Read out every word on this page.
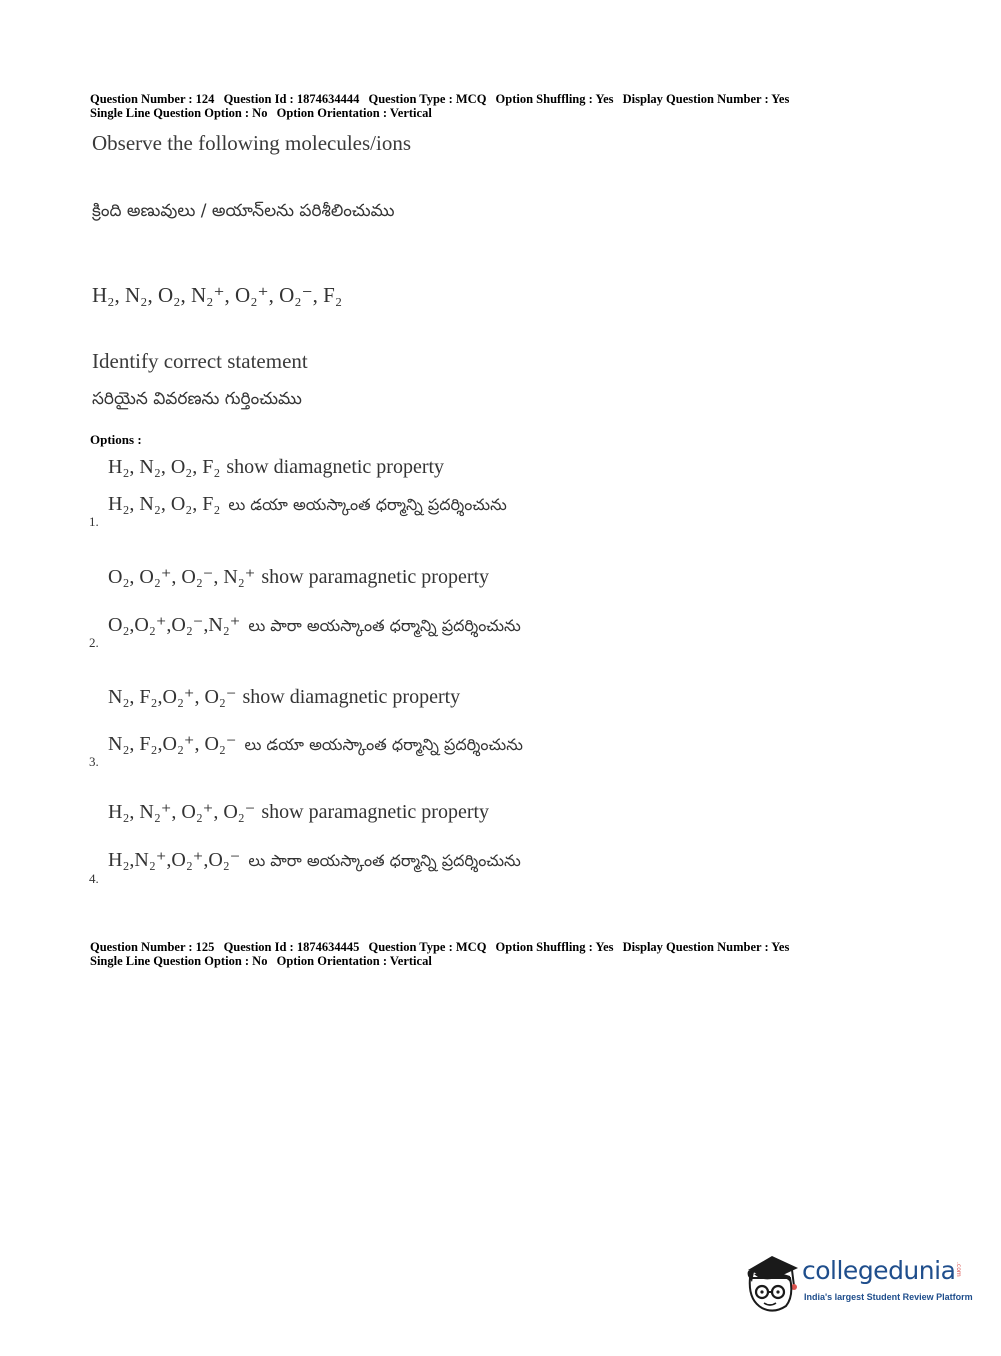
Question Number : 124 Question Id : 1874634444 Question Type : MCQ Option Shuffling : Yes Display Question Number : Yes
Single Line Question Option : No Option Orientation : Vertical
Observe the following molecules/ions
క్రింది అణువులు / అయాన్‌లను పరిశీలించుము
H₂, N₂, O₂, N₂⁺, O₂⁺, O₂⁻, F₂
Identify correct statement
సరియైన వివరణను గుర్తించుము
Options :
H₂, N₂, O₂, F₂ show diamagnetic property
H₂, N₂, O₂, F₂ లు డయా అయస్కాంత ధర్మాన్ని ప్రదర్శించును
1.
O₂, O₂⁺, O₂⁻, N₂⁺ show paramagnetic property
O₂,O₂⁺,O₂⁻,N₂⁺ లు పారా అయస్కాంత ధర్మాన్ని ప్రదర్శించును
2.
N₂, F₂,O₂⁺, O₂⁻ show diamagnetic property
N₂, F₂,O₂⁺, O₂⁻ లు డయా అయస్కాంత ధర్మాన్ని ప్రదర్శించును
3.
H₂, N₂⁺, O₂⁺, O₂⁻ show paramagnetic property
H₂,N₂⁺,O₂⁺,O₂⁻ లు పారా అయస్కాంత ధర్మాన్ని ప్రదర్శించును
4.
Question Number : 125 Question Id : 1874634445 Question Type : MCQ Option Shuffling : Yes Display Question Number : Yes
Single Line Question Option : No Option Orientation : Vertical
collegedunia .com
India's largest Student Review Platform
